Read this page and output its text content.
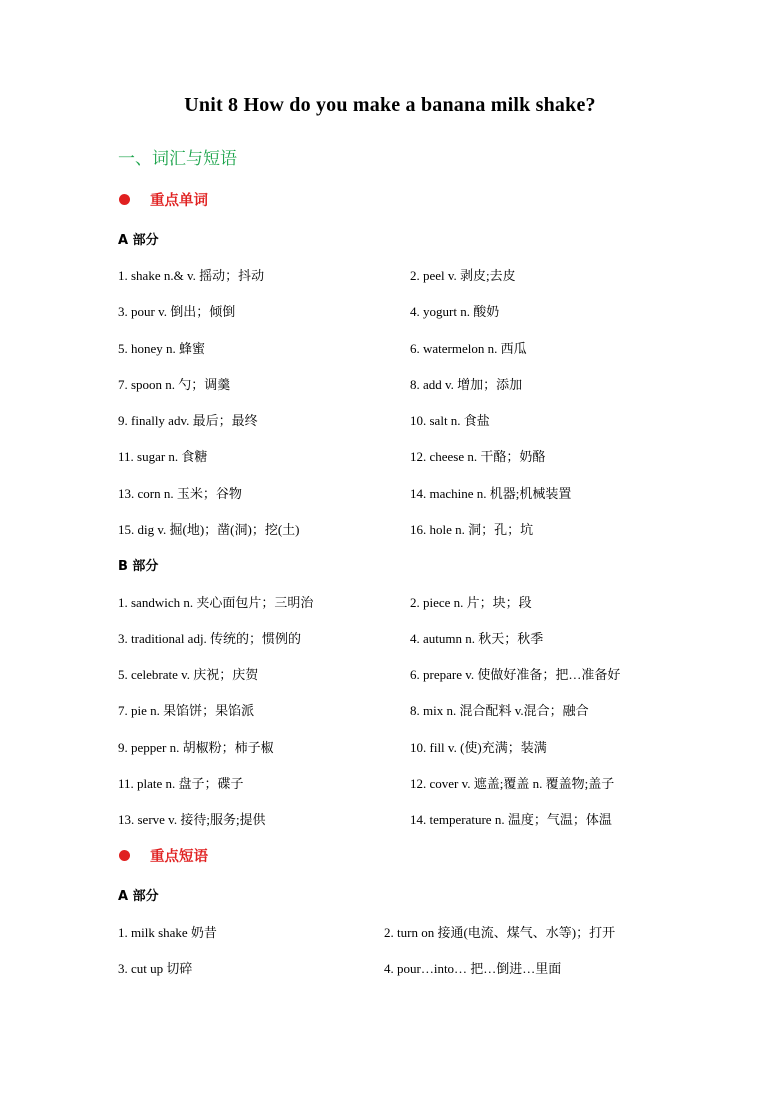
Unit 8 How do you make a banana milk shake?
一、词汇与短语
重点单词
A 部分
1. shake n.& v. 摇动；抖动	2. peel v. 剥皮;去皮
3. pour v. 倒出；倾倒	4. yogurt n. 酸奶
5. honey n. 蜂蜜	6. watermelon n. 西瓜
7. spoon n. 勺；调羹	8. add v. 增加；添加
9. finally adv. 最后；最终	10. salt n. 食盐
11. sugar n. 食糖	12. cheese n. 干酪；奶酪
13. corn n. 玉米；谷物	14. machine n. 机器;机械装置
15. dig v. 掘(地)；凿(洞)；挖(土)	16. hole n. 洞；孔；坑
B 部分
1. sandwich n. 夹心面包片；三明治	2. piece n. 片；块；段
3. traditional adj. 传统的；惯例的	4. autumn n. 秋天；秋季
5. celebrate v. 庆祝；庆贺	6. prepare v. 使做好准备；把…准备好
7. pie n. 果馅饼；果馅派	8. mix n. 混合配料 v.混合；融合
9. pepper n. 胡椒粉；柿子椒	10. fill v. (使)充满；装满
11. plate n. 盘子；碟子	12. cover v. 遮盖;覆盖 n. 覆盖物;盖子
13. serve v. 接待;服务;提供	14. temperature n. 温度；气温；体温
重点短语
A 部分
1. milk shake 奶昔	2. turn on 接通(电流、煤气、水等)；打开
3. cut up 切碎	4. pour…into… 把…倒进…里面
